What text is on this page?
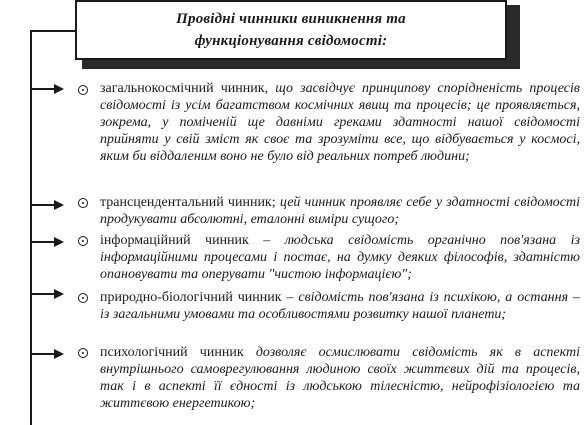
Провідні чинники виникнення та
функціонування свідомості:
загальнокосмічний чинник, що засвідчує принципову спорідненість процесів свідомості із усім багатством космічних явищ та процесів; це проявляється, зокрема, у поміченій ще давніми греками здатності нашої свідомості прийняти у свій зміст як своє та зрозуміти все, що відбувається у космосі, яким би віддаленим воно не було від реальних потреб людини;
трансцендентальний чинник; цей чинник проявляє себе у здатності свідомості продукувати абсолютні, еталонні виміри сущого;
інформаційний чинник – людська свідомість органічно пов'язана із інформаційними процесами і постає, на думку деяких філософів, здатністю опановувати та оперувати "чистою інформацією";
природно-біологічний чинник – свідомість пов'язана із психікою, а остання – із загальними умовами та особливостями розвитку нашої планети;
психологічний чинник дозволяє осмислювати свідомість як в аспекті внутрішнього самоврегулювання людиною своїх життєвих дій та процесів, так і в аспекті її єдності із людською тілесністю, нейрофізіологією та життєвою енергетикою;
